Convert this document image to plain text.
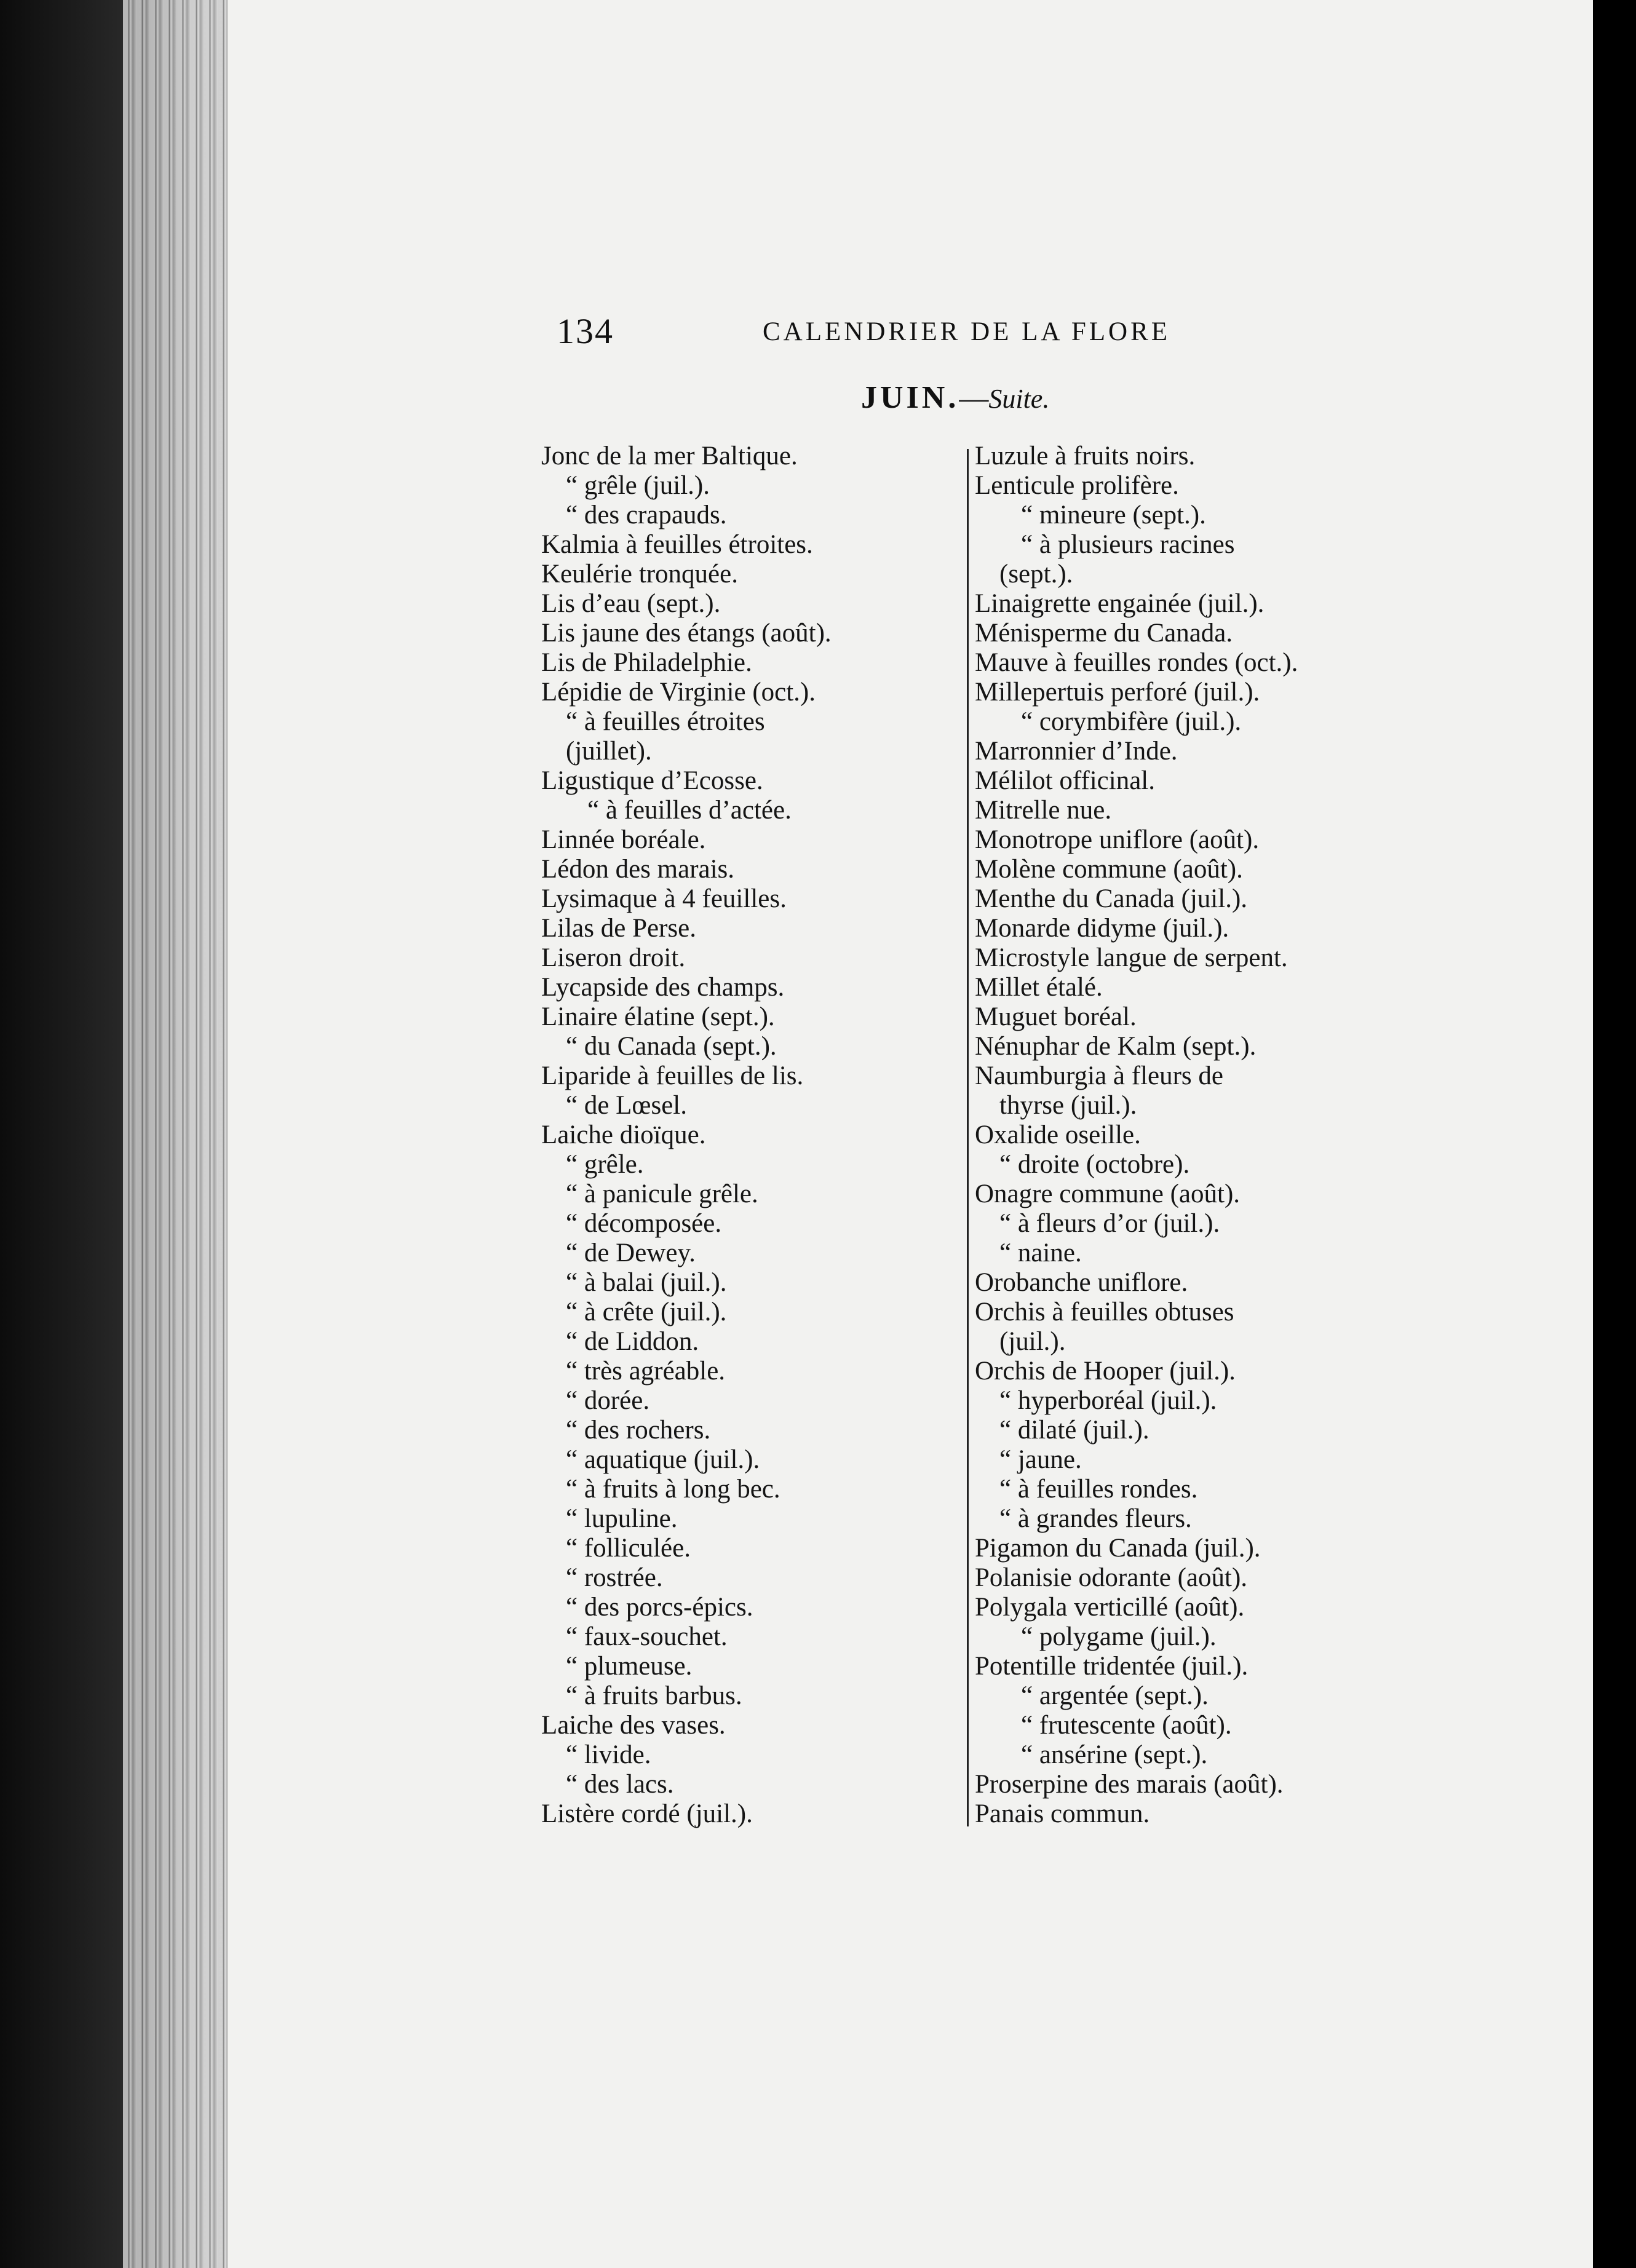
134	CALENDRIER DE LA FLORE
JUIN.—Suite.
Jonc de la mer Baltique.
“ grêle (juil.).
“ des crapauds.
Kalmia à feuilles étroites.
Keulérie tronquée.
Lis d’eau (sept.).
Lis jaune des étangs (août).
Lis de Philadelphie.
Lépidie de Virginie (oct.).
“ à feuilles étroites
(juillet).
Ligustique d’Ecosse.
“ à feuilles d’actée.
Linnée boréale.
Lédon des marais.
Lysimaque à 4 feuilles.
Lilas de Perse.
Liseron droit.
Lycapside des champs.
Linaire élatine (sept.).
“ du Canada (sept.).
Liparide à feuilles de lis.
“ de Lœsel.
Laiche dioïque.
“ grêle.
“ à panicule grêle.
“ décomposée.
“ de Dewey.
“ à balai (juil.).
“ à crête (juil.).
“ de Liddon.
“ très agréable.
“ dorée.
“ des rochers.
“ aquatique (juil.).
“ à fruits à long bec.
“ lupuline.
“ folliculée.
“ rostrée.
“ des porcs-épics.
“ faux-souchet.
“ plumeuse.
“ à fruits barbus.
Laiche des vases.
“ livide.
“ des lacs.
Listère cordé (juil.).
Luzule à fruits noirs.
Lenticule prolifère.
“ mineure (sept.).
“ à plusieurs racines
(sept.).
Linaigrette engainée (juil.).
Ménisperme du Canada.
Mauve à feuilles rondes (oct.).
Millepertuis perforé (juil.).
“ corymbifère (juil.).
Marronnier d’Inde.
Mélilot officinal.
Mitrelle nue.
Monotrope uniflore (août).
Molène commune (août).
Menthe du Canada (juil.).
Monarde didyme (juil.).
Microstyle langue de serpent.
Millet étalé.
Muguet boréal.
Nénuphar de Kalm (sept.).
Naumburgia à fleurs de
thyrse (juil.).
Oxalide oseille.
“ droite (octobre).
Onagre commune (août).
“ à fleurs d’or (juil.).
“ naine.
Orobanche uniflore.
Orchis à feuilles obtuses
(juil.).
Orchis de Hooper (juil.).
“ hyperboréal (juil.).
“ dilaté (juil.).
“ jaune.
“ à feuilles rondes.
“ à grandes fleurs.
Pigamon du Canada (juil.).
Polanisie odorante (août).
Polygala verticillé (août).
“ polygame (juil.).
Potentille tridentée (juil.).
“ argentée (sept.).
“ frutescente (août).
“ ansérine (sept.).
Proserpine des marais (août).
Panais commun.
